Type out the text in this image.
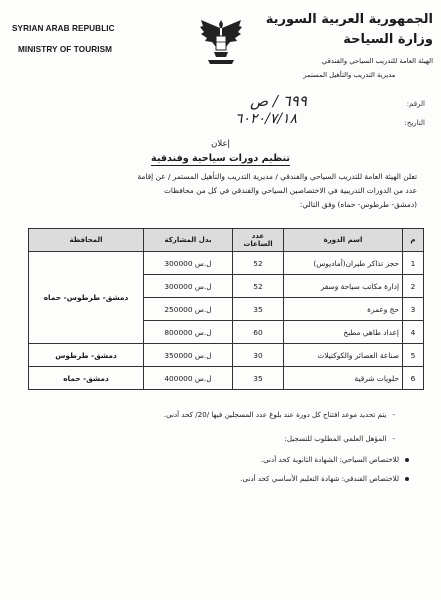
SYRIAN ARAB REPUBLIC
MINISTRY OF TOURISM
الجمهورية العربية السورية
وزارة السياحة
الهيئة العامة للتدريب السياحي والفندقي
مديرية التدريب والتأهيل المستمر
الرقم:
التاريخ:
٦٩٩ / ص
٦٠٢٠/٧/١٨
إعلان
تنظيم دورات سياحية وفندقية
تعلن الهيئة العامة للتدريب السياحي والفندقي / مديرية التدريب والتأهيل المستمر / عن إقامة
عدد من الدورات التدريبية في الاختصاصين السياحي والفندقي في كل من محافظات
(دمشق- طرطوس- حماه) وفق التالي:
م	اسم الدورة	عدد الساعات	بدل المشاركة	المحافظة
1	حجز تذاكر طيران(أماديوس)	52	300000 ل.س	دمشق- طرطوس- حماه
2	إدارة مكاتب سياحة وسفر	52	300000 ل.س	
3	حج وعمرة	35	250000 ل.س	
4	إعداد طاهي مطبخ	60	800000 ل.س	
5	صناعة العصائر والكوكتيلات	30	350000 ل.س	دمشق- طرطوس
6	حلويات شرقية	35	400000 ل.س	دمشق- حماه
-يتم تحديد موعد افتتاح كل دورة عند بلوغ عدد المسجلين فيها /20/ كحد أدنى.
-المؤهل العلمي المطلوب للتسجيل:
للاختصاص السياحي: الشهادة الثانوية كحد أدنى.
للاختصاص الفندقي: شهادة التعليم الأساسي كحد أدنى.
